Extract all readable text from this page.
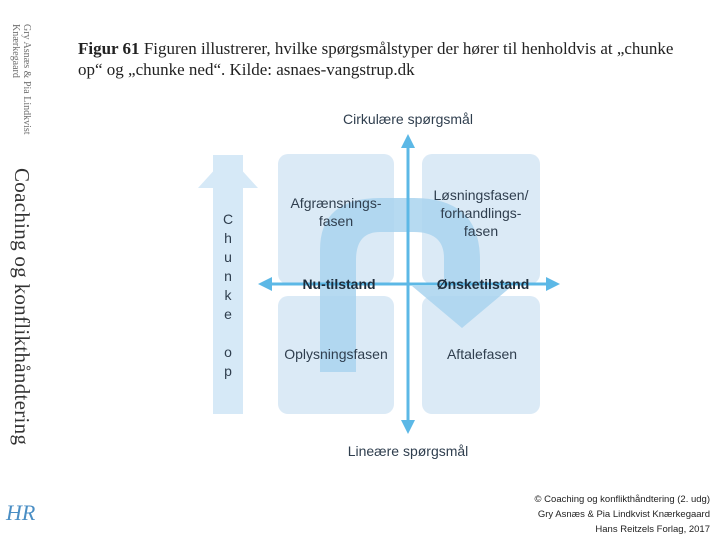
Gry Asnæs & Pia Lindkvist Knærkegaard
Coaching og konflikthåndtering
HR
Figur 61 Figuren illustrerer, hvilke spørgsmålstyper der hører til henholdvis at „chunke op“ og „chunke ned“. Kilde: asnaes-vangstrup.dk
Cirkulære spørgsmål
Lineære spørgsmål
Nu-tilstand	Ønsketilstand
Afgrænsnings-
fasen
Løsningsfasen/
forhandlings-
fasen
Oplysningsfasen	Aftalefasen
C
h
u
n
k
e
o
p
© Coaching og konflikthåndtering (2. udg)
Gry Asnæs & Pia Lindkvist Knærkegaard
Hans Reitzels Forlag, 2017
